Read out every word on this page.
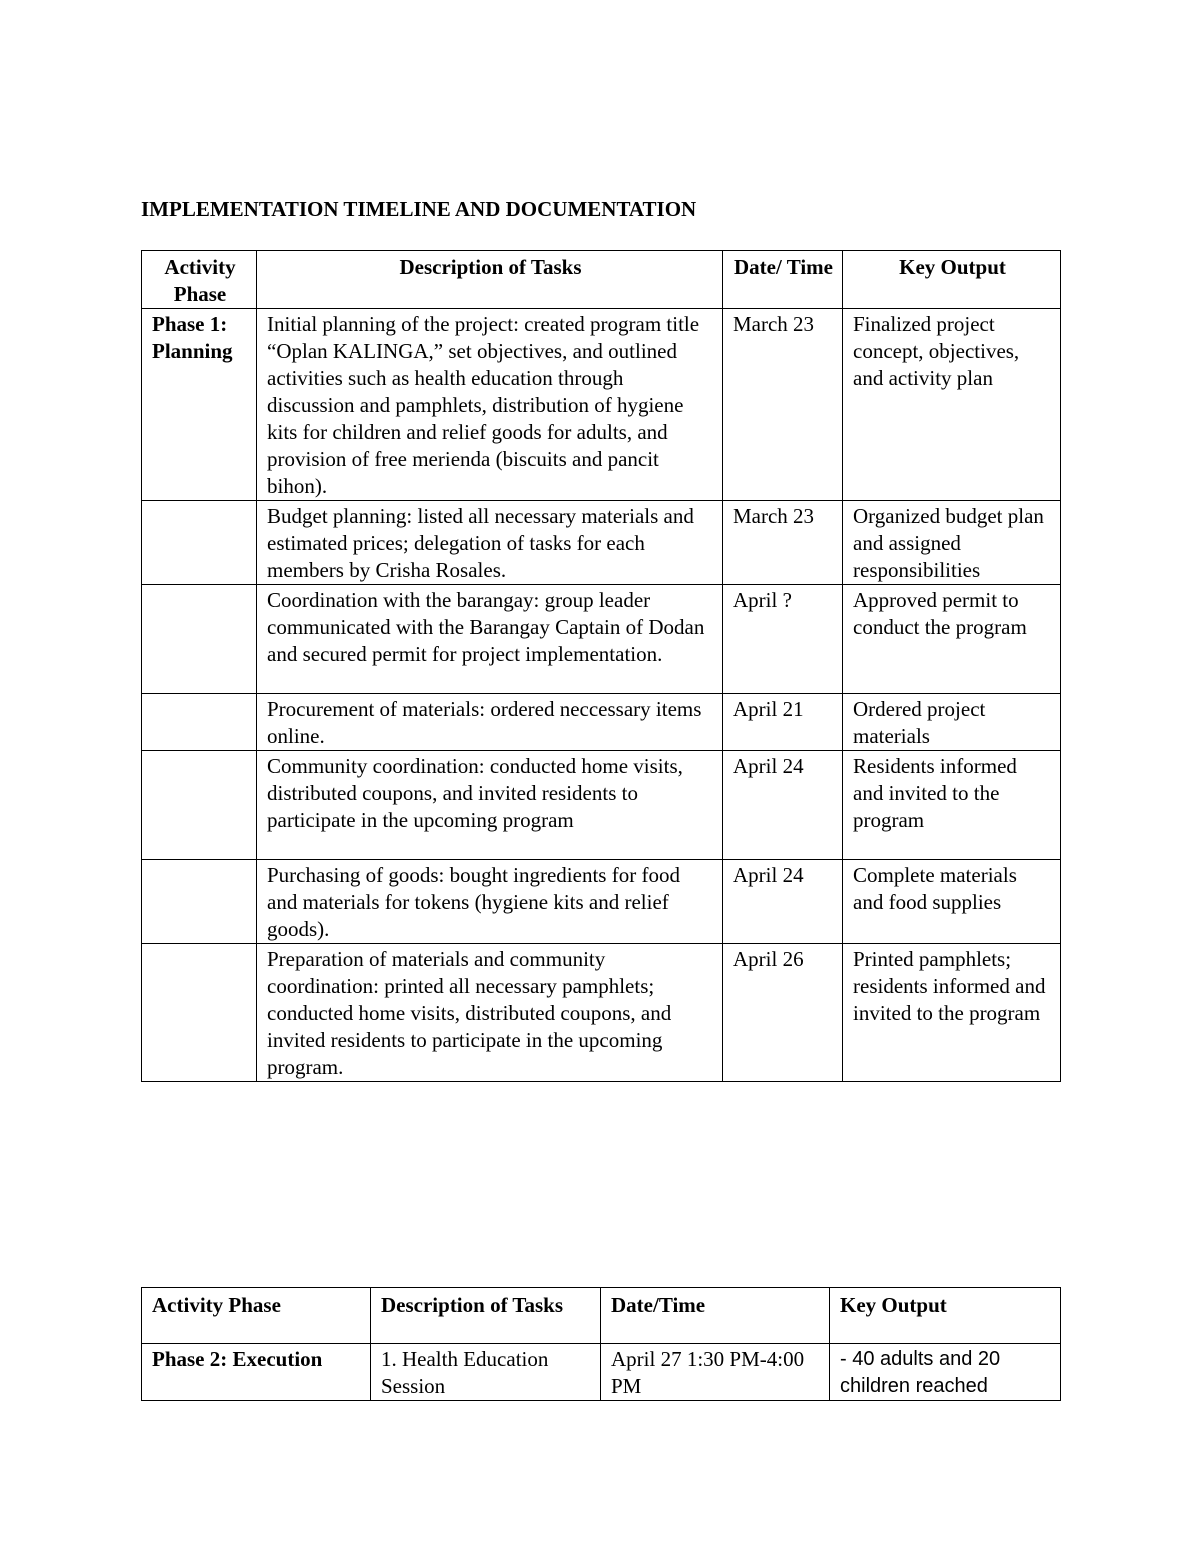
IMPLEMENTATION TIMELINE AND DOCUMENTATION
Activity Phase	Description of Tasks	Date/ Time	Key Output
Phase 1: Planning	Initial planning of the project: created program title “Oplan KALINGA,” set objectives, and outlined activities such as health education through discussion and pamphlets, distribution of hygiene kits for children and relief goods for adults, and provision of free merienda (biscuits and pancit bihon).	March 23	Finalized project concept, objectives, and activity plan
	Budget planning: listed all necessary materials and estimated prices; delegation of tasks for each members by Crisha Rosales.	March 23	Organized budget plan and assigned responsibilities
	Coordination with the barangay: group leader communicated with the Barangay Captain of Dodan and secured permit for project implementation.	April ?	Approved permit to conduct the program
	Procurement of materials: ordered neccessary items online.	April 21	Ordered project materials
	Community coordination: conducted home visits, distributed coupons, and invited residents to participate in the upcoming program	April 24	Residents informed and invited to the program
	Purchasing of goods: bought ingredients for food and materials for tokens (hygiene kits and relief goods).	April 24	Complete materials and food supplies
	Preparation of materials and community coordination: printed all necessary pamphlets; conducted home visits, distributed coupons, and invited residents to participate in the upcoming program.	April 26	Printed pamphlets; residents informed and invited to the program
Activity Phase	Description of Tasks	Date/Time	Key Output
Phase 2: Execution	1. Health Education Session	April 27 1:30 PM-4:00 PM	- 40 adults and 20 children reached
